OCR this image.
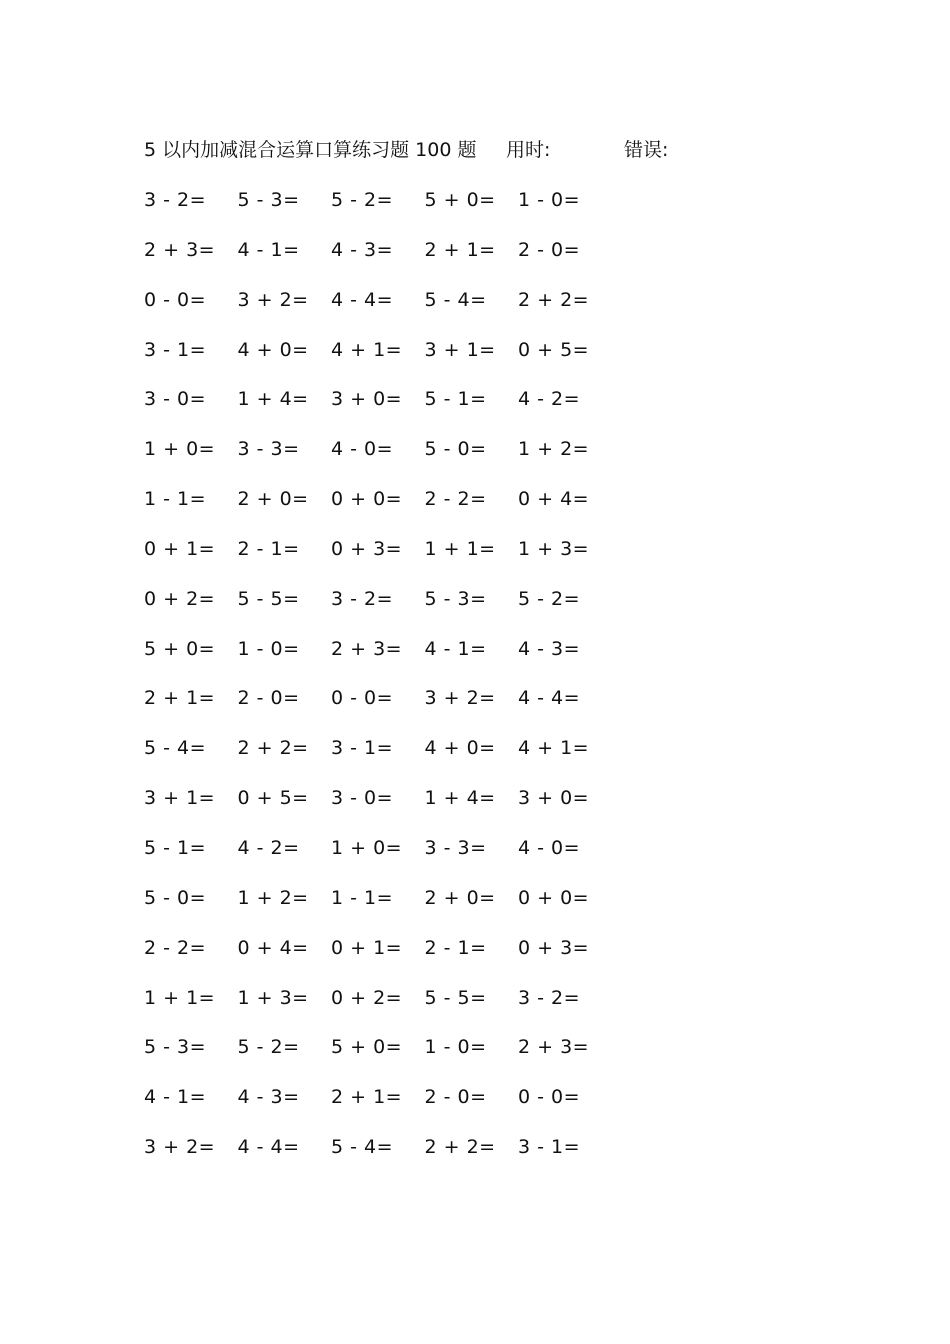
5 以内加减混合运算口算练习题 100 题 用时:	错误:
3 - 2=	5 - 3=	5 - 2=	5 + 0=	1 - 0=
2 + 3=	4 - 1=	4 - 3=	2 + 1=	2 - 0=
0 - 0=	3 + 2=	4 - 4=	5 - 4=	2 + 2=
3 - 1=	4 + 0=	4 + 1=	3 + 1=	0 + 5=
3 - 0=	1 + 4=	3 + 0=	5 - 1=	4 - 2=
1 + 0=	3 - 3=	4 - 0=	5 - 0=	1 + 2=
1 - 1=	2 + 0=	0 + 0=	2 - 2=	0 + 4=
0 + 1=	2 - 1=	0 + 3=	1 + 1=	1 + 3=
0 + 2=	5 - 5=	3 - 2=	5 - 3=	5 - 2=
5 + 0=	1 - 0=	2 + 3=	4 - 1=	4 - 3=
2 + 1=	2 - 0=	0 - 0=	3 + 2=	4 - 4=
5 - 4=	2 + 2=	3 - 1=	4 + 0=	4 + 1=
3 + 1=	0 + 5=	3 - 0=	1 + 4=	3 + 0=
5 - 1=	4 - 2=	1 + 0=	3 - 3=	4 - 0=
5 - 0=	1 + 2=	1 - 1=	2 + 0=	0 + 0=
2 - 2=	0 + 4=	0 + 1=	2 - 1=	0 + 3=
1 + 1=	1 + 3=	0 + 2=	5 - 5=	3 - 2=
5 - 3=	5 - 2=	5 + 0=	1 - 0=	2 + 3=
4 - 1=	4 - 3=	2 + 1=	2 - 0=	0 - 0=
3 + 2=	4 - 4=	5 - 4=	2 + 2=	3 - 1=
